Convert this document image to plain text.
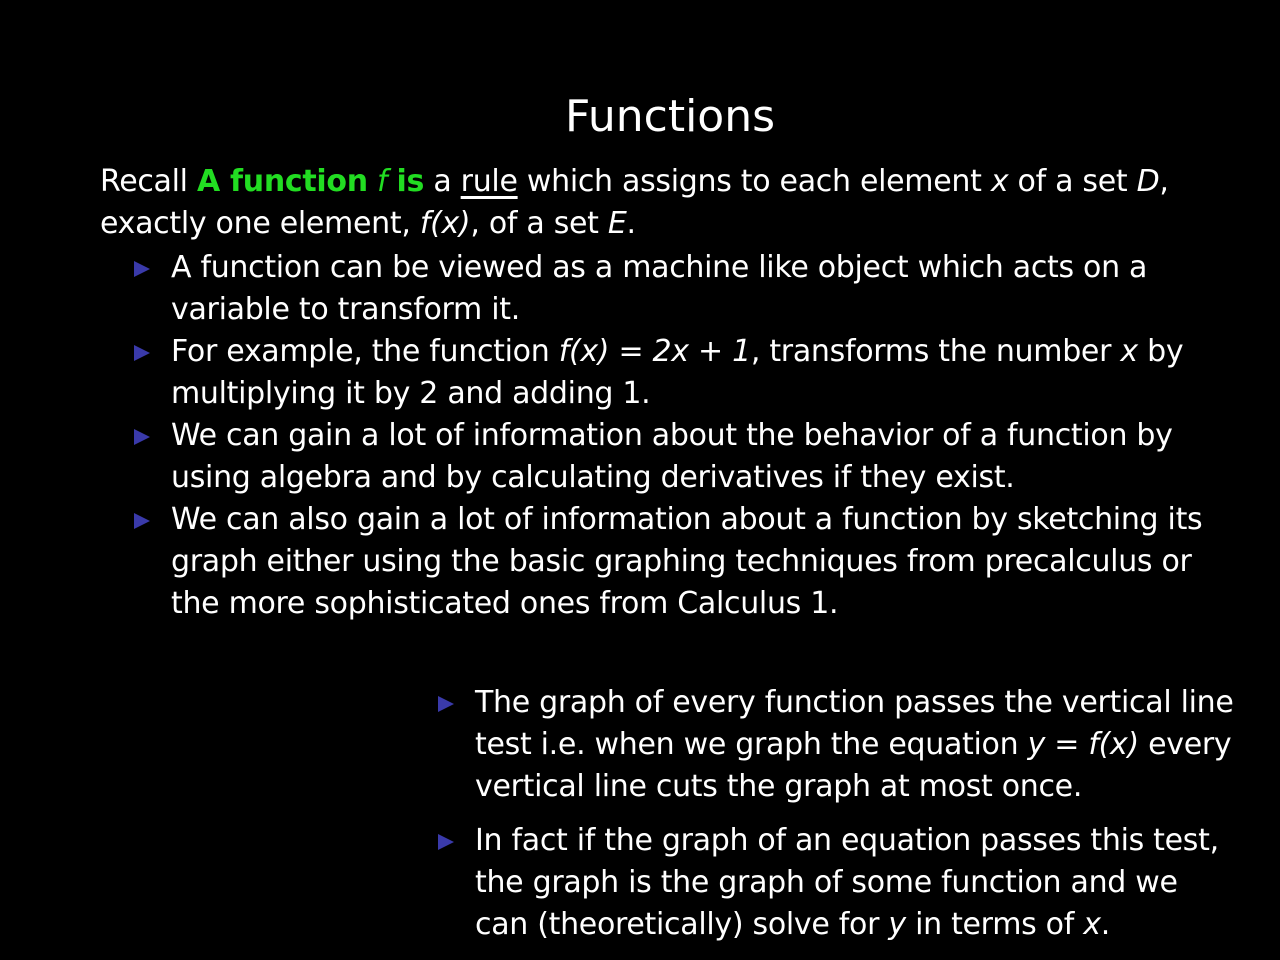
Functions
Recall A function f is a rule which assigns to each element x of a set D, exactly one element, f(x), of a set E.
A function can be viewed as a machine like object which acts on a variable to transform it.
For example, the function f(x) = 2x + 1, transforms the number x by multiplying it by 2 and adding 1.
We can gain a lot of information about the behavior of a function by using algebra and by calculating derivatives if they exist.
We can also gain a lot of information about a function by sketching its graph either using the basic graphing techniques from precalculus or the more sophisticated ones from Calculus 1.
The graph of every function passes the vertical line test i.e. when we graph the equation y = f(x) every vertical line cuts the graph at most once.
In fact if the graph of an equation passes this test, the graph is the graph of some function and we can (theoretically) solve for y in terms of x.
